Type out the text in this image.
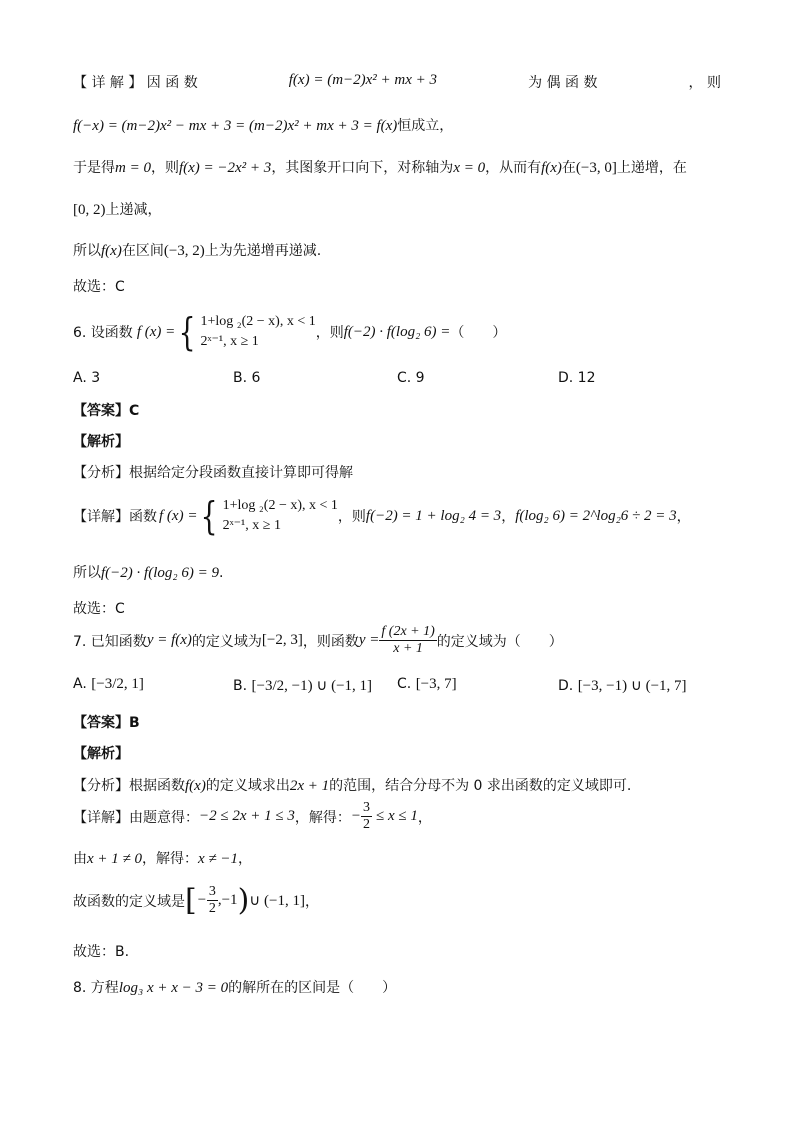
【 详 解 】 因 函 数	f(x) = (m−2)x² + mx + 3	为 偶 函 数	， 则
f(−x) = (m−2)x² − mx + 3 = (m−2)x² + mx + 3 = f(x)恒成立，
于是得m = 0，则f(x) = −2x² + 3，其图象开口向下，对称轴为x = 0，从而有f(x)在(−3, 0]上递增，在
[0, 2)上递减，
所以f(x)在区间(−3, 2)上为先递增再递减.
故选：C
6. 设函数 f (x) = { 1+log ₂(2 − x), x < 1
2ˣ⁻¹, x ≥ 1
，则 f(−2) · f(log₂ 6) = （　　）
A. 3	B. 6	C. 9	D. 12
【答案】C
【解析】
【分析】根据给定分段函数直接计算即可得解
【详解】函数 f (x) = { 1+log ₂(2 − x), x < 1
2ˣ⁻¹, x ≥ 1
，则 f(−2) = 1 + log₂ 4 = 3 ， f(log₂ 6) = 2^log₂6 ÷ 2 = 3 ，
所以f(−2) · f(log₂ 6) = 9.
故选：C
7. 已知函数 y = f(x) 的定义域为 [−2, 3] ，则函数 $y = \frac{f (2x + 1)}{x + 1}$ 的定义域为（　　）
A. [−3/2, 1]	B. [−3/2, −1) ∪ (−1, 1] C. [−3, 7]	D. [−3, −1) ∪ (−1, 7]
【答案】B
【解析】
【分析】根据函数f(x)的定义域求出2x + 1的范围，结合分母不为 0 求出函数的定义域即可.
【详解】由题意得： −2 ≤ 2x + 1 ≤ 3 ，解得： − $\frac{3}{2} \le x \le 1$ ，
由x + 1 ≠ 0，解得：x ≠ −1，
故函数的定义域是 [ − $\frac{3}{2} ,-1$ ) ∪ (−1, 1] ，
故选：B.
8. 方程log₃ x + x − 3 = 0的解所在的区间是（　　）
